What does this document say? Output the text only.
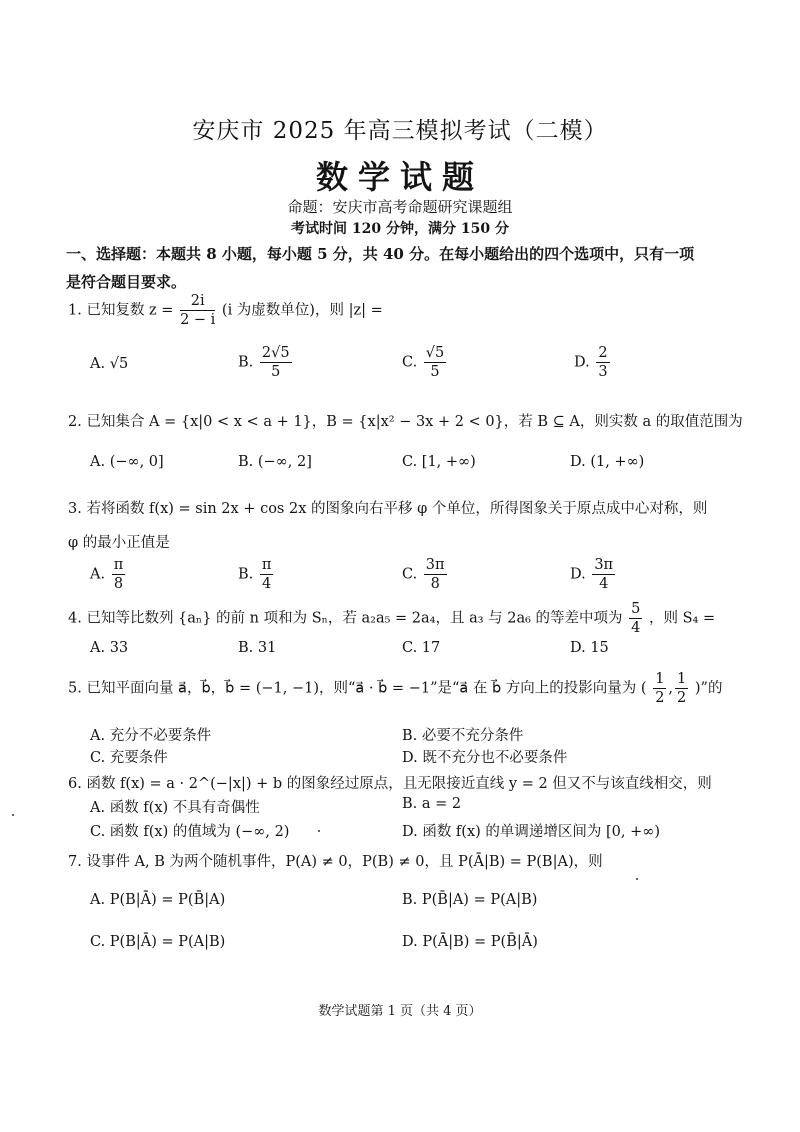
安庆市 2025 年高三模拟考试（二模）
数学试题
命题：安庆市高考命题研究课题组
考试时间 120 分钟，满分 150 分
一、选择题：本题共 8 小题，每小题 5 分，共 40 分。在每小题给出的四个选项中，只有一项是符合题目要求。
1. 已知复数 $z = \frac{2i}{2 - i} (i$ 为虚数单位)，则 |z| =
A. √5	B. $\frac{2√5}{5}$	C. $\frac{√5}{5}$	D. $\frac{2}{3}$
2. 已知集合 A = {x|0 < x < a + 1}，B = {x|x² − 3x + 2 < 0}，若 B ⊆ A，则实数 a 的取值范围为
A. (−∞, 0]	B. (−∞, 2]	C. [1, +∞)	D. (1, +∞)
3. 若将函数 f(x) = sin 2x + cos 2x 的图象向右平移 φ 个单位，所得图象关于原点成中心对称，则 φ 的最小正值是
A. $\frac{\pi}{8}$	B. $\frac{\pi}{4}$	C. $\frac{3\pi}{8}$	D. $\frac{3\pi}{4}$
4. 已知等比数列 {aₙ} 的前 n 项和为 Sₙ，若 a₂a₅ = 2a₄，且 a₃ 与 2a₆ 的等差中项为 $\frac{5}{4}$ ，则 S₄ =
A. 33	B. 31	C. 17	D. 15
5. 已知平面向量 a⃗，b⃗，b⃗ = (−1, −1)，则“a⃗ · b⃗ = −1”是“a⃗ 在 b⃗ 方向上的投影向量为 ( $\frac{1}{2}$ , $\frac{1}{2}$ )”的
A. 充分不必要条件	B. 必要不充分条件
C. 充要条件	D. 既不充分也不必要条件
6. 函数 f(x) = a · 2^(−|x|) + b 的图象经过原点，且无限接近直线 y = 2 但又不与该直线相交，则
A. 函数 f(x) 不具有奇偶性	B. a = 2
C. 函数 f(x) 的值域为 (−∞, 2)	D. 函数 f(x) 的单调递增区间为 [0, +∞)
7. 设事件 A, B 为两个随机事件，P(A) ≠ 0，P(B) ≠ 0，且 P(Ā|B) = P(B|A)，则
A. P(B|Ā) = P(B̄|A)	B. P(B̄|A) = P(A|B)
C. P(B|Ā) = P(A|B)	D. P(Ā|B) = P(B̄|Ā)
数学试题第 1 页（共 4 页）
